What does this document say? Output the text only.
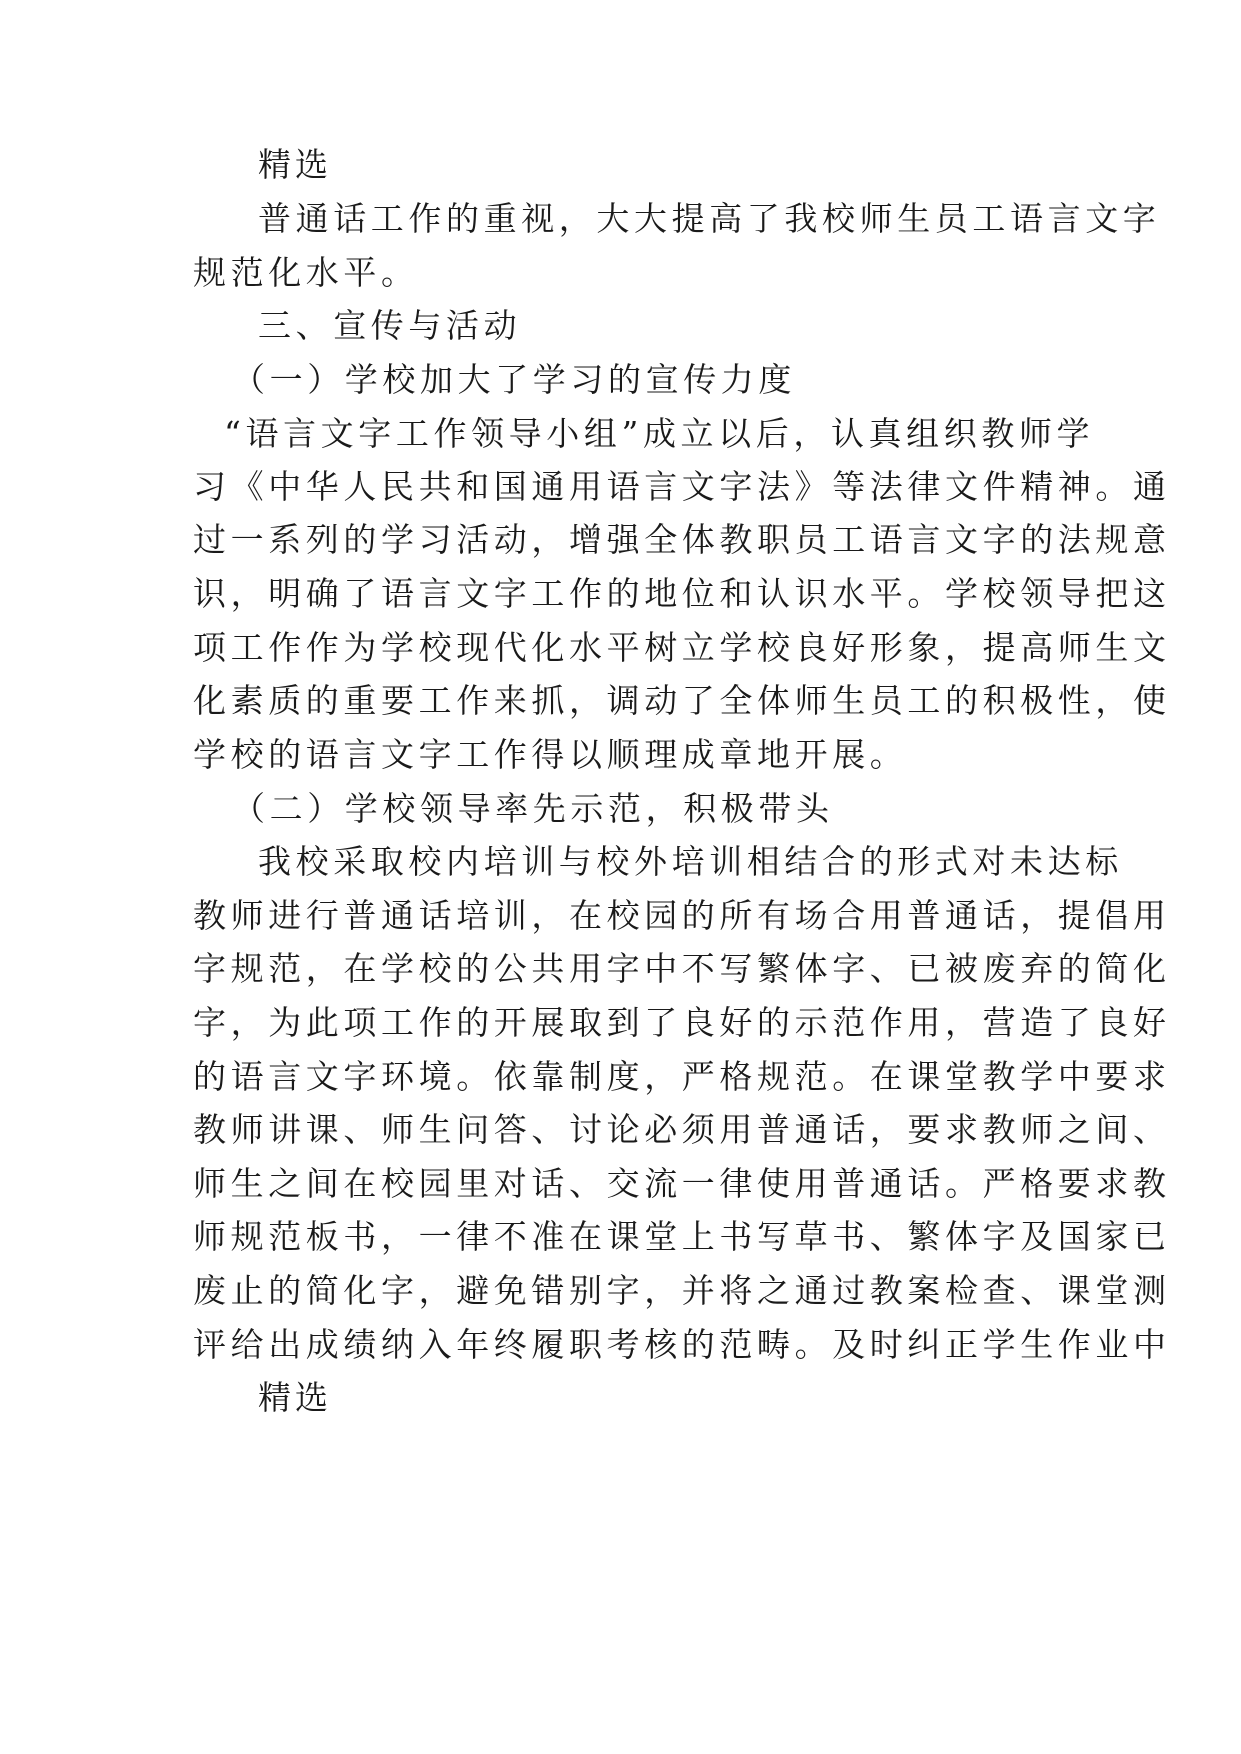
精选
普通话工作的重视，大大提高了我校师生员工语言文字
规范化水平。
三、宣传与活动
（一）学校加大了学习的宣传力度
“语言文字工作领导小组”成立以后，认真组织教师学
习《中华人民共和国通用语言文字法》等法律文件精神。通
过一系列的学习活动，增强全体教职员工语言文字的法规意
识，明确了语言文字工作的地位和认识水平。学校领导把这
项工作作为学校现代化水平树立学校良好形象，提高师生文
化素质的重要工作来抓，调动了全体师生员工的积极性，使
学校的语言文字工作得以顺理成章地开展。
（二）学校领导率先示范，积极带头
我校采取校内培训与校外培训相结合的形式对未达标
教师进行普通话培训，在校园的所有场合用普通话，提倡用
字规范，在学校的公共用字中不写繁体字、已被废弃的简化
字，为此项工作的开展取到了良好的示范作用，营造了良好
的语言文字环境。依靠制度，严格规范。在课堂教学中要求
教师讲课、师生问答、讨论必须用普通话，要求教师之间、
师生之间在校园里对话、交流一律使用普通话。严格要求教
师规范板书，一律不准在课堂上书写草书、繁体字及国家已
废止的简化字，避免错别字，并将之通过教案检查、课堂测
评给出成绩纳入年终履职考核的范畴。及时纠正学生作业中
精选
